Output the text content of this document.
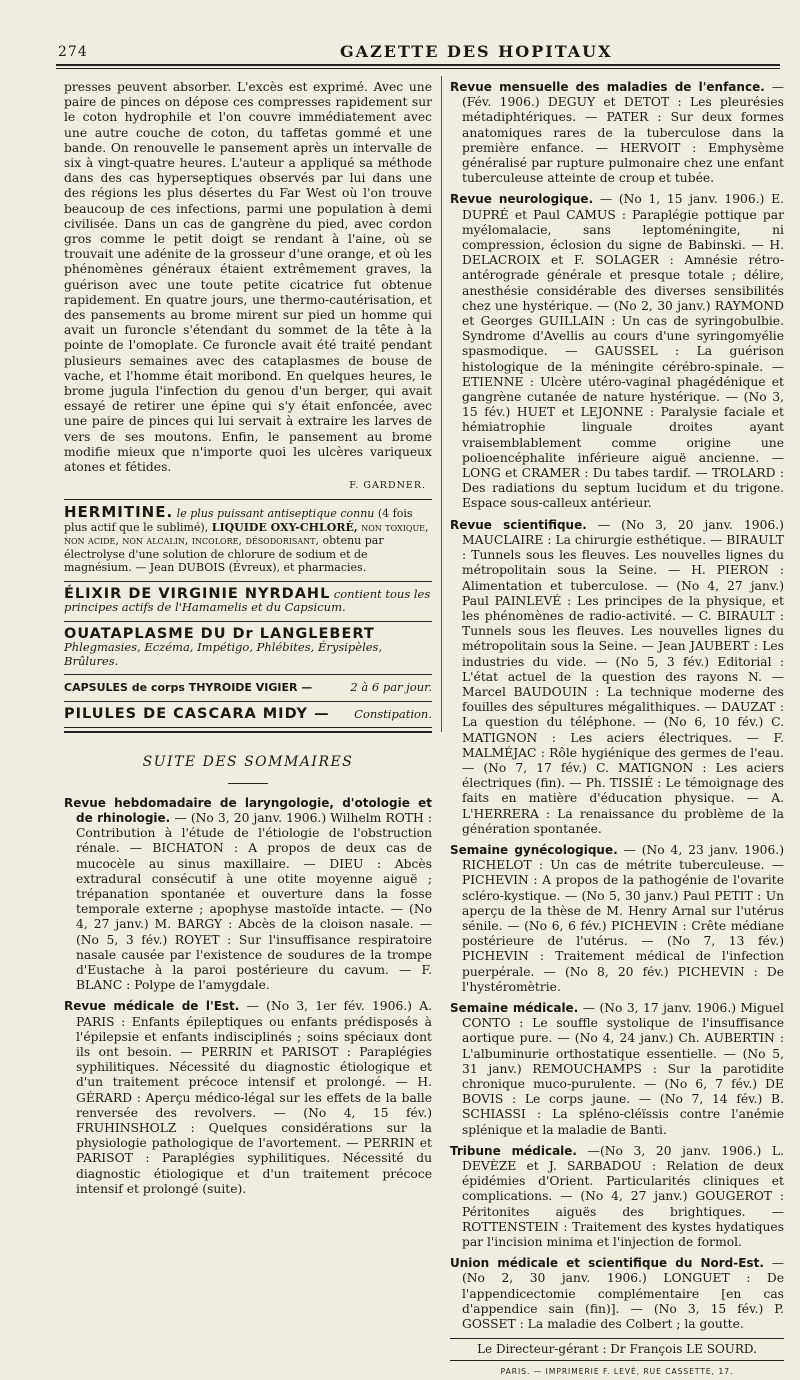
274	GAZETTE DES HOPITAUX

presses peuvent absorber. L'excès est exprimé. Avec une paire de pinces on dépose ces compresses rapidement sur le coton hydrophile et l'on couvre immédiatement avec une autre couche de coton, du taffetas gommé et une bande. On renouvelle le pansement après un intervalle de six à vingt-quatre heures. L'auteur a appliqué sa méthode dans des cas hyperseptiques observés par lui dans une des régions les plus désertes du Far West où l'on trouve beaucoup de ces infections, parmi une population à demi civilisée. Dans un cas de gangrène du pied, avec cordon gros comme le petit doigt se rendant à l'aine, où se trouvait une adénite de la grosseur d'une orange, et où les phénomènes généraux étaient extrêmement graves, la guérison avec une toute petite cicatrice fut obtenue rapidement. En quatre jours, une thermo-cautérisation, et des pansements au brome mirent sur pied un homme qui avait un furoncle s'étendant du sommet de la tête à la pointe de l'omoplate. Ce furoncle avait été traité pendant plusieurs semaines avec des cataplasmes de bouse de vache, et l'homme était moribond. En quelques heures, le brome jugula l'infection du genou d'un berger, qui avait essayé de retirer une épine qui s'y était enfoncée, avec une paire de pinces qui lui servait à extraire les larves de vers de ses moutons. Enfin, le pansement au brome modifie mieux que n'importe quoi les ulcères variqueux atones et fétides.

F. GARDNER.
HERMITINE. le plus puissant antiseptique connu (4 fois plus actif que le sublimé), LIQUIDE OXY-CHLORÉ, non toxique, non acide, non alcalin, incolore, désodorisant, obtenu par électrolyse d'une solution de chlorure de sodium et de magnésium. — Jean DUBOIS (Évreux), et pharmacies.
ÉLIXIR DE VIRGINIE NYRDAHL contient tous les principes actifs de l'Hamamelis et du Capsicum.
OUATAPLASME DU Dr LANGLEBERT
Phlegmasies, Eczéma, Impétigo, Phlébites, Érysipèles, Brûlures.
CAPSULES de corps THYROIDE VIGIER —	2 à 6 par jour.
PILULES DE CASCARA MIDY — Constipation.
SUITE DES SOMMAIRES

Revue hebdomadaire de laryngologie, d'otologie et de rhinologie. — (No 3, 20 janv. 1906.) Wilhelm ROTH : Contribution à l'étude de l'étiologie de l'obstruction rénale. — BICHATON : A propos de deux cas de mucocèle au sinus maxillaire. — DIEU : Abcès extradural consécutif à une otite moyenne aiguë ; trépanation spontanée et ouverture dans la fosse temporale externe ; apophyse mastoïde intacte. — (No 4, 27 janv.) M. BARGY : Abcès de la cloison nasale. — (No 5, 3 fév.) ROYET : Sur l'insuffisance respiratoire nasale causée par l'existence de soudures de la trompe d'Eustache à la paroi postérieure du cavum. — F. BLANC : Polype de l'amygdale.

Revue médicale de l'Est. — (No 3, 1er fév. 1906.) A. PARIS : Enfants épileptiques ou enfants prédisposés à l'épilepsie et enfants indisciplinés ; soins spéciaux dont ils ont besoin. — PERRIN et PARISOT : Paraplégies syphilitiques. Nécessité du diagnostic étiologique et d'un traitement précoce intensif et prolongé. — H. GÉRARD : Aperçu médico-légal sur les effets de la balle renversée des revolvers. — (No 4, 15 fév.) FRUHINSHOLZ : Quelques considérations sur la physiologie pathologique de l'avortement. — PERRIN et PARISOT : Paraplégies syphilitiques. Nécessité du diagnostic étiologique et d'un traitement précoce intensif et prolongé (suite).

Revue mensuelle des maladies de l'enfance. — (Fév. 1906.) DEGUY et DETOT : Les pleurésies métadiphtériques. — PATER : Sur deux formes anatomiques rares de la tuberculose dans la première enfance. — HERVOIT : Emphysème généralisé par rupture pulmonaire chez une enfant tuberculeuse atteinte de croup et tubée.

Revue neurologique. — (No 1, 15 janv. 1906.) E. DUPRÉ et Paul CAMUS : Paraplégie pottique par myélomalacie, sans leptoméningite, ni compression, éclosion du signe de Babinski. — H. DELACROIX et F. SOLAGER : Amnésie rétro-antérograde générale et presque totale ; délire, anesthésie considérable des diverses sensibilités chez une hystérique. — (No 2, 30 janv.) RAYMOND et Georges GUILLAIN : Un cas de syringobulbie. Syndrome d'Avellis au cours d'une syringomyélie spasmodique. — GAUSSEL : La guérison histologique de la méningite cérébro-spinale. — ETIENNE : Ulcère utéro-vaginal phagédénique et gangrène cutanée de nature hystérique. — (No 3, 15 fév.) HUET et LEJONNE : Paralysie faciale et hémiatrophie linguale droites ayant vraisemblablement comme origine une polioencéphalite inférieure aiguë ancienne. — LONG et CRAMER : Du tabes tardif. — TROLARD : Des radiations du septum lucidum et du trigone. Espace sous-calleux antérieur.

Revue scientifique. — (No 3, 20 janv. 1906.) MAUCLAIRE : La chirurgie esthétique. — BIRAULT : Tunnels sous les fleuves. Les nouvelles lignes du métropolitain sous la Seine. — H. PIERON : Alimentation et tuberculose. — (No 4, 27 janv.) Paul PAINLEVÉ : Les principes de la physique, et les phénomènes de radio-activité. — C. BIRAULT : Tunnels sous les fleuves. Les nouvelles lignes du métropolitain sous la Seine. — Jean JAUBERT : Les industries du vide. — (No 5, 3 fév.) Editorial : L'état actuel de la question des rayons N. — Marcel BAUDOUIN : La technique moderne des fouilles des sépultures mégalithiques. — DAUZAT : La question du téléphone. — (No 6, 10 fév.) C. MATIGNON : Les aciers électriques. — F. MALMÉJAC : Rôle hygiénique des germes de l'eau. — (No 7, 17 fév.) C. MATIGNON : Les aciers électriques (fin). — Ph. TISSIÉ : Le témoignage des faits en matière d'éducation physique. — A. L'HERRERA : La renaissance du problème de la génération spontanée.

Semaine gynécologique. — (No 4, 23 janv. 1906.) RICHELOT : Un cas de métrite tuberculeuse. — PICHEVIN : A propos de la pathogénie de l'ovarite scléro-kystique. — (No 5, 30 janv.) Paul PETIT : Un aperçu de la thèse de M. Henry Arnal sur l'utérus sénile. — (No 6, 6 fév.) PICHEVIN : Crête médiane postérieure de l'utérus. — (No 7, 13 fév.) PICHEVIN : Traitement médical de l'infection puerpérale. — (No 8, 20 fév.) PICHEVIN : De l'hystéromètrie.

Semaine médicale. — (No 3, 17 janv. 1906.) Miguel CONTO : Le souffle systolique de l'insuffisance aortique pure. — (No 4, 24 janv.) Ch. AUBERTIN : L'albuminurie orthostatique essentielle. — (No 5, 31 janv.) REMOUCHAMPS : Sur la parotidite chronique muco-purulente. — (No 6, 7 fév.) DE BOVIS : Le corps jaune. — (No 7, 14 fév.) B. SCHIASSI : La spléno-cléïssis contre l'anémie splénique et la maladie de Banti.

Tribune médicale. —(No 3, 20 janv. 1906.) L. DEVÈZE et J. SARBADOU : Relation de deux épidémies d'Orient. Particularités cliniques et complications. — (No 4, 27 janv.) GOUGEROT : Péritonites aiguës des brightiques. — ROTTENSTEIN : Traitement des kystes hydatiques par l'incision minima et l'injection de formol.

Union médicale et scientifique du Nord-Est. — (No 2, 30 janv. 1906.) LONGUET : De l'appendicectomie complémentaire [en cas d'appendice sain (fin)]. — (No 3, 15 fév.) P. GOSSET : La maladie des Colbert ; la goutte.

Le Directeur-gérant : Dr François LE SOURD.
PARIS. — IMPRIMERIE F. LEVÉ, RUE CASSETTE, 17.
